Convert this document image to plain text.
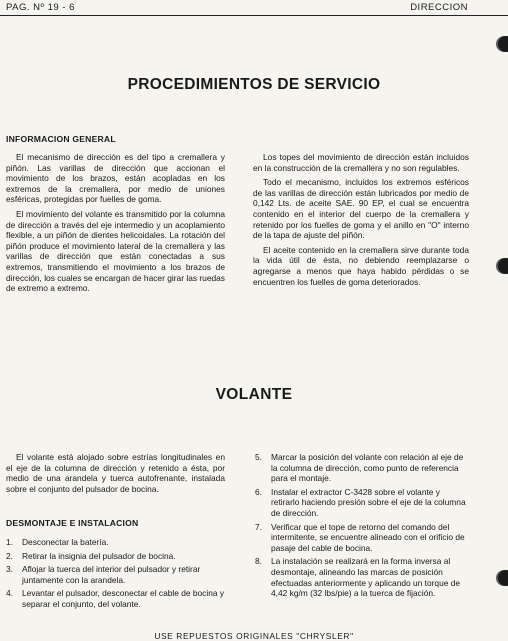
PAG. Nº 19 - 6	DIRECCION
PROCEDIMIENTOS DE SERVICIO
INFORMACION GENERAL

El mecanismo de dirección es del tipo a cremallera y piñón. Las varillas de dirección que accionan el movimiento de los brazos, están acopladas en los extremos de la cremallera, por medio de uniones esféricas, protegidas por fuelles de goma.

El movimiento del volante es transmitido por la columna de dirección a través del eje intermedio y un acoplamiento flexible, a un piñón de dientes helicoidales. La rotación del piñón produce el movimiento lateral de la cremallera y las varillas de dirección que están conectadas a sus extremos, transmitiendo el movimiento a los brazos de dirección, los cuales se encargan de hacer girar las ruedas de extremo a extremo.

Los topes del movimiento de dirección están incluidos en la construcción de la cremallera y no son regulables.

Todo el mecanismo, incluidos los extremos esféricos de las varillas de dirección están lubricados por medio de 0,142 Lts. de aceite SAE. 90 EP, el cual se encuentra contenido en el interior del cuerpo de la cremallera y retenido por los fuelles de goma y el anillo en "O" interno de la tapa de ajuste del piñón.

El aceite contenido en la cremallera sirve durante toda la vida útil de ésta, no debiendo reemplazarse o agregarse a menos que haya habido pérdidas o se encuentren los fuelles de goma deteriorados.

VOLANTE

El volante está alojado sobre estrías longitudinales en el eje de la columna de dirección y retenido a ésta, por medio de una arandela y tuerca autofrenante, instalada sobre el conjunto del pulsador de bocina.

DESMONTAJE E INSTALACION
1. Desconectar la batería.
2. Retirar la insignia del pulsador de bocina.
3. Aflojar la tuerca del interior del pulsador y retirar juntamente con la arandela.
4. Levantar el pulsador, desconectar el cable de bocina y separar el conjunto, del volante.
5. Marcar la posición del volante con relación al eje de la columna de dirección, como punto de referencia para el montaje.
6. Instalar el extractor C-3428 sobre el volante y retirarlo haciendo presión sobre el eje de la columna de dirección.
7. Verificar que el tope de retorno del comando del intermitente, se encuentre alineado con el orificio de pasaje del cable de bocina.
8. La instalación se realizará en la forma inversa al desmontaje, alineando las marcas de posición efectuadas anteriormente y aplicando un torque de 4,42 kg/m (32 lbs/pie) a la tuerca de fijación.
USE REPUESTOS ORIGINALES "CHRYSLER"
